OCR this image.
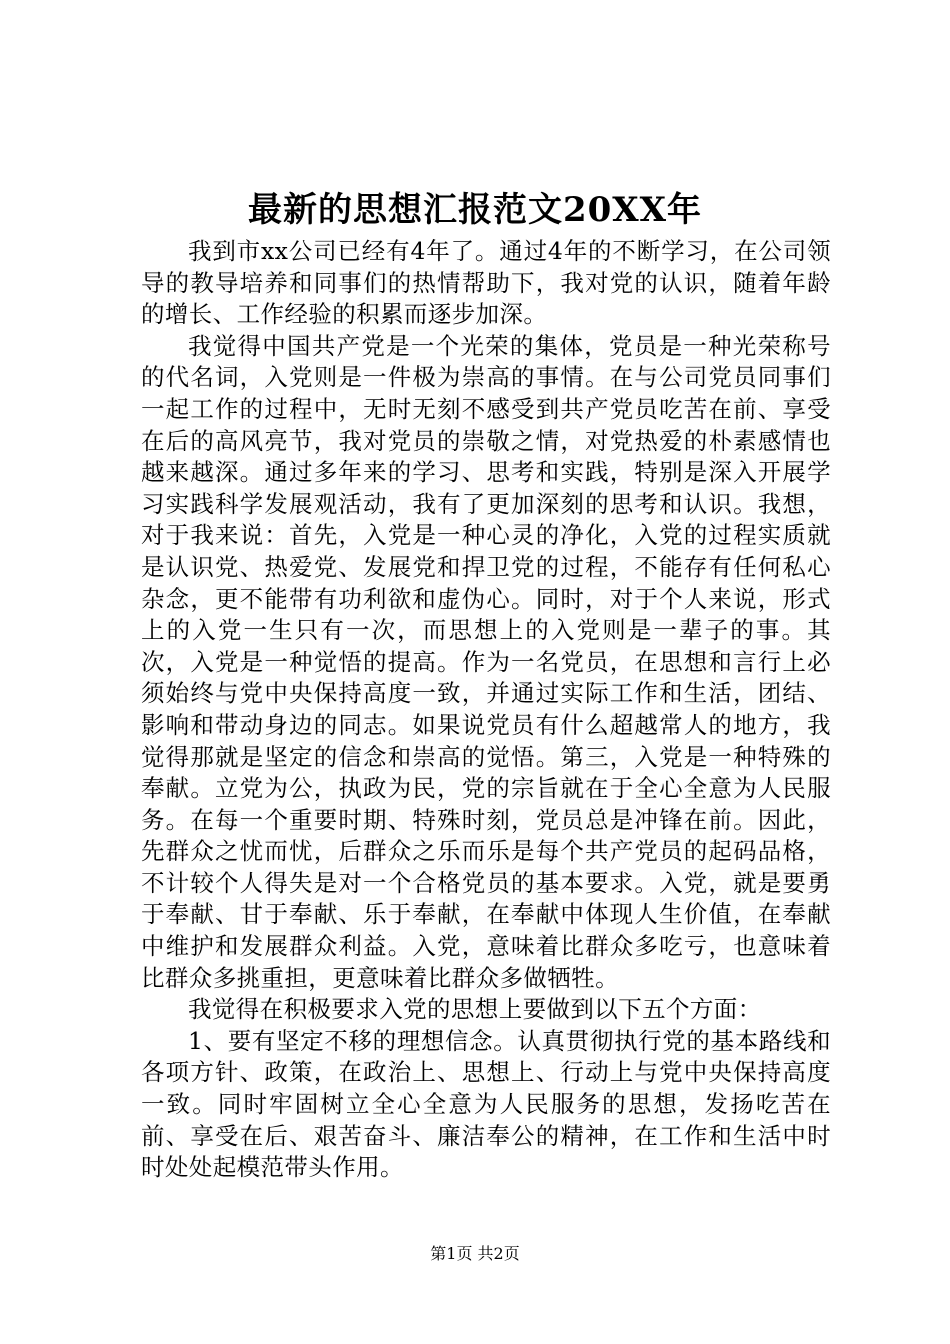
最新的思想汇报范文20XX年

我到市xx公司已经有4年了。通过4年的不断学习，在公司领导的教导培养和同事们的热情帮助下，我对党的认识，随着年龄的增长、工作经验的积累而逐步加深。

我觉得中国共产党是一个光荣的集体，党员是一种光荣称号的代名词，入党则是一件极为崇高的事情。在与公司党员同事们一起工作的过程中，无时无刻不感受到共产党员吃苦在前、享受在后的高风亮节，我对党员的崇敬之情，对党热爱的朴素感情也越来越深。通过多年来的学习、思考和实践，特别是深入开展学习实践科学发展观活动，我有了更加深刻的思考和认识。我想，对于我来说：首先，入党是一种心灵的净化，入党的过程实质就是认识党、热爱党、发展党和捍卫党的过程，不能存有任何私心杂念，更不能带有功利欲和虚伪心。同时，对于个人来说，形式上的入党一生只有一次，而思想上的入党则是一辈子的事。其次，入党是一种觉悟的提高。作为一名党员，在思想和言行上必须始终与党中央保持高度一致，并通过实际工作和生活，团结、影响和带动身边的同志。如果说党员有什么超越常人的地方，我觉得那就是坚定的信念和崇高的觉悟。第三，入党是一种特殊的奉献。立党为公，执政为民，党的宗旨就在于全心全意为人民服务。在每一个重要时期、特殊时刻，党员总是冲锋在前。因此，先群众之忧而忧，后群众之乐而乐是每个共产党员的起码品格，不计较个人得失是对一个合格党员的基本要求。入党，就是要勇于奉献、甘于奉献、乐于奉献，在奉献中体现人生价值，在奉献中维护和发展群众利益。入党，意味着比群众多吃亏，也意味着比群众多挑重担，更意味着比群众多做牺牲。

我觉得在积极要求入党的思想上要做到以下五个方面：

1、要有坚定不移的理想信念。认真贯彻执行党的基本路线和各项方针、政策，在政治上、思想上、行动上与党中央保持高度一致。同时牢固树立全心全意为人民服务的思想，发扬吃苦在前、享受在后、艰苦奋斗、廉洁奉公的精神，在工作和生活中时时处处起模范带头作用。

第1页 共2页
